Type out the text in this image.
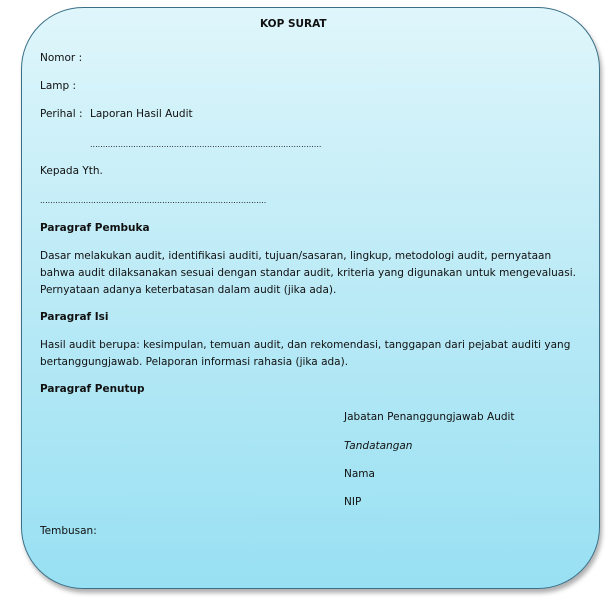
KOP SURAT
Nomor :
Lamp :
Perihal : Laporan Hasil Audit
...........................................................................................
Kepada Yth.
.........................................................................................
Paragraf Pembuka
Dasar melakukan audit, identifikasi auditi, tujuan/sasaran, lingkup, metodologi audit, pernyataan bahwa audit dilaksanakan sesuai dengan standar audit, kriteria yang digunakan untuk mengevaluasi. Pernyataan adanya keterbatasan dalam audit (jika ada).
Paragraf Isi
Hasil audit berupa: kesimpulan, temuan audit, dan rekomendasi, tanggapan dari pejabat auditi yang bertanggungjawab. Pelaporan informasi rahasia (jika ada).
Paragraf Penutup
Jabatan Penanggungjawab Audit
Tandatangan
Nama
NIP
Tembusan:
